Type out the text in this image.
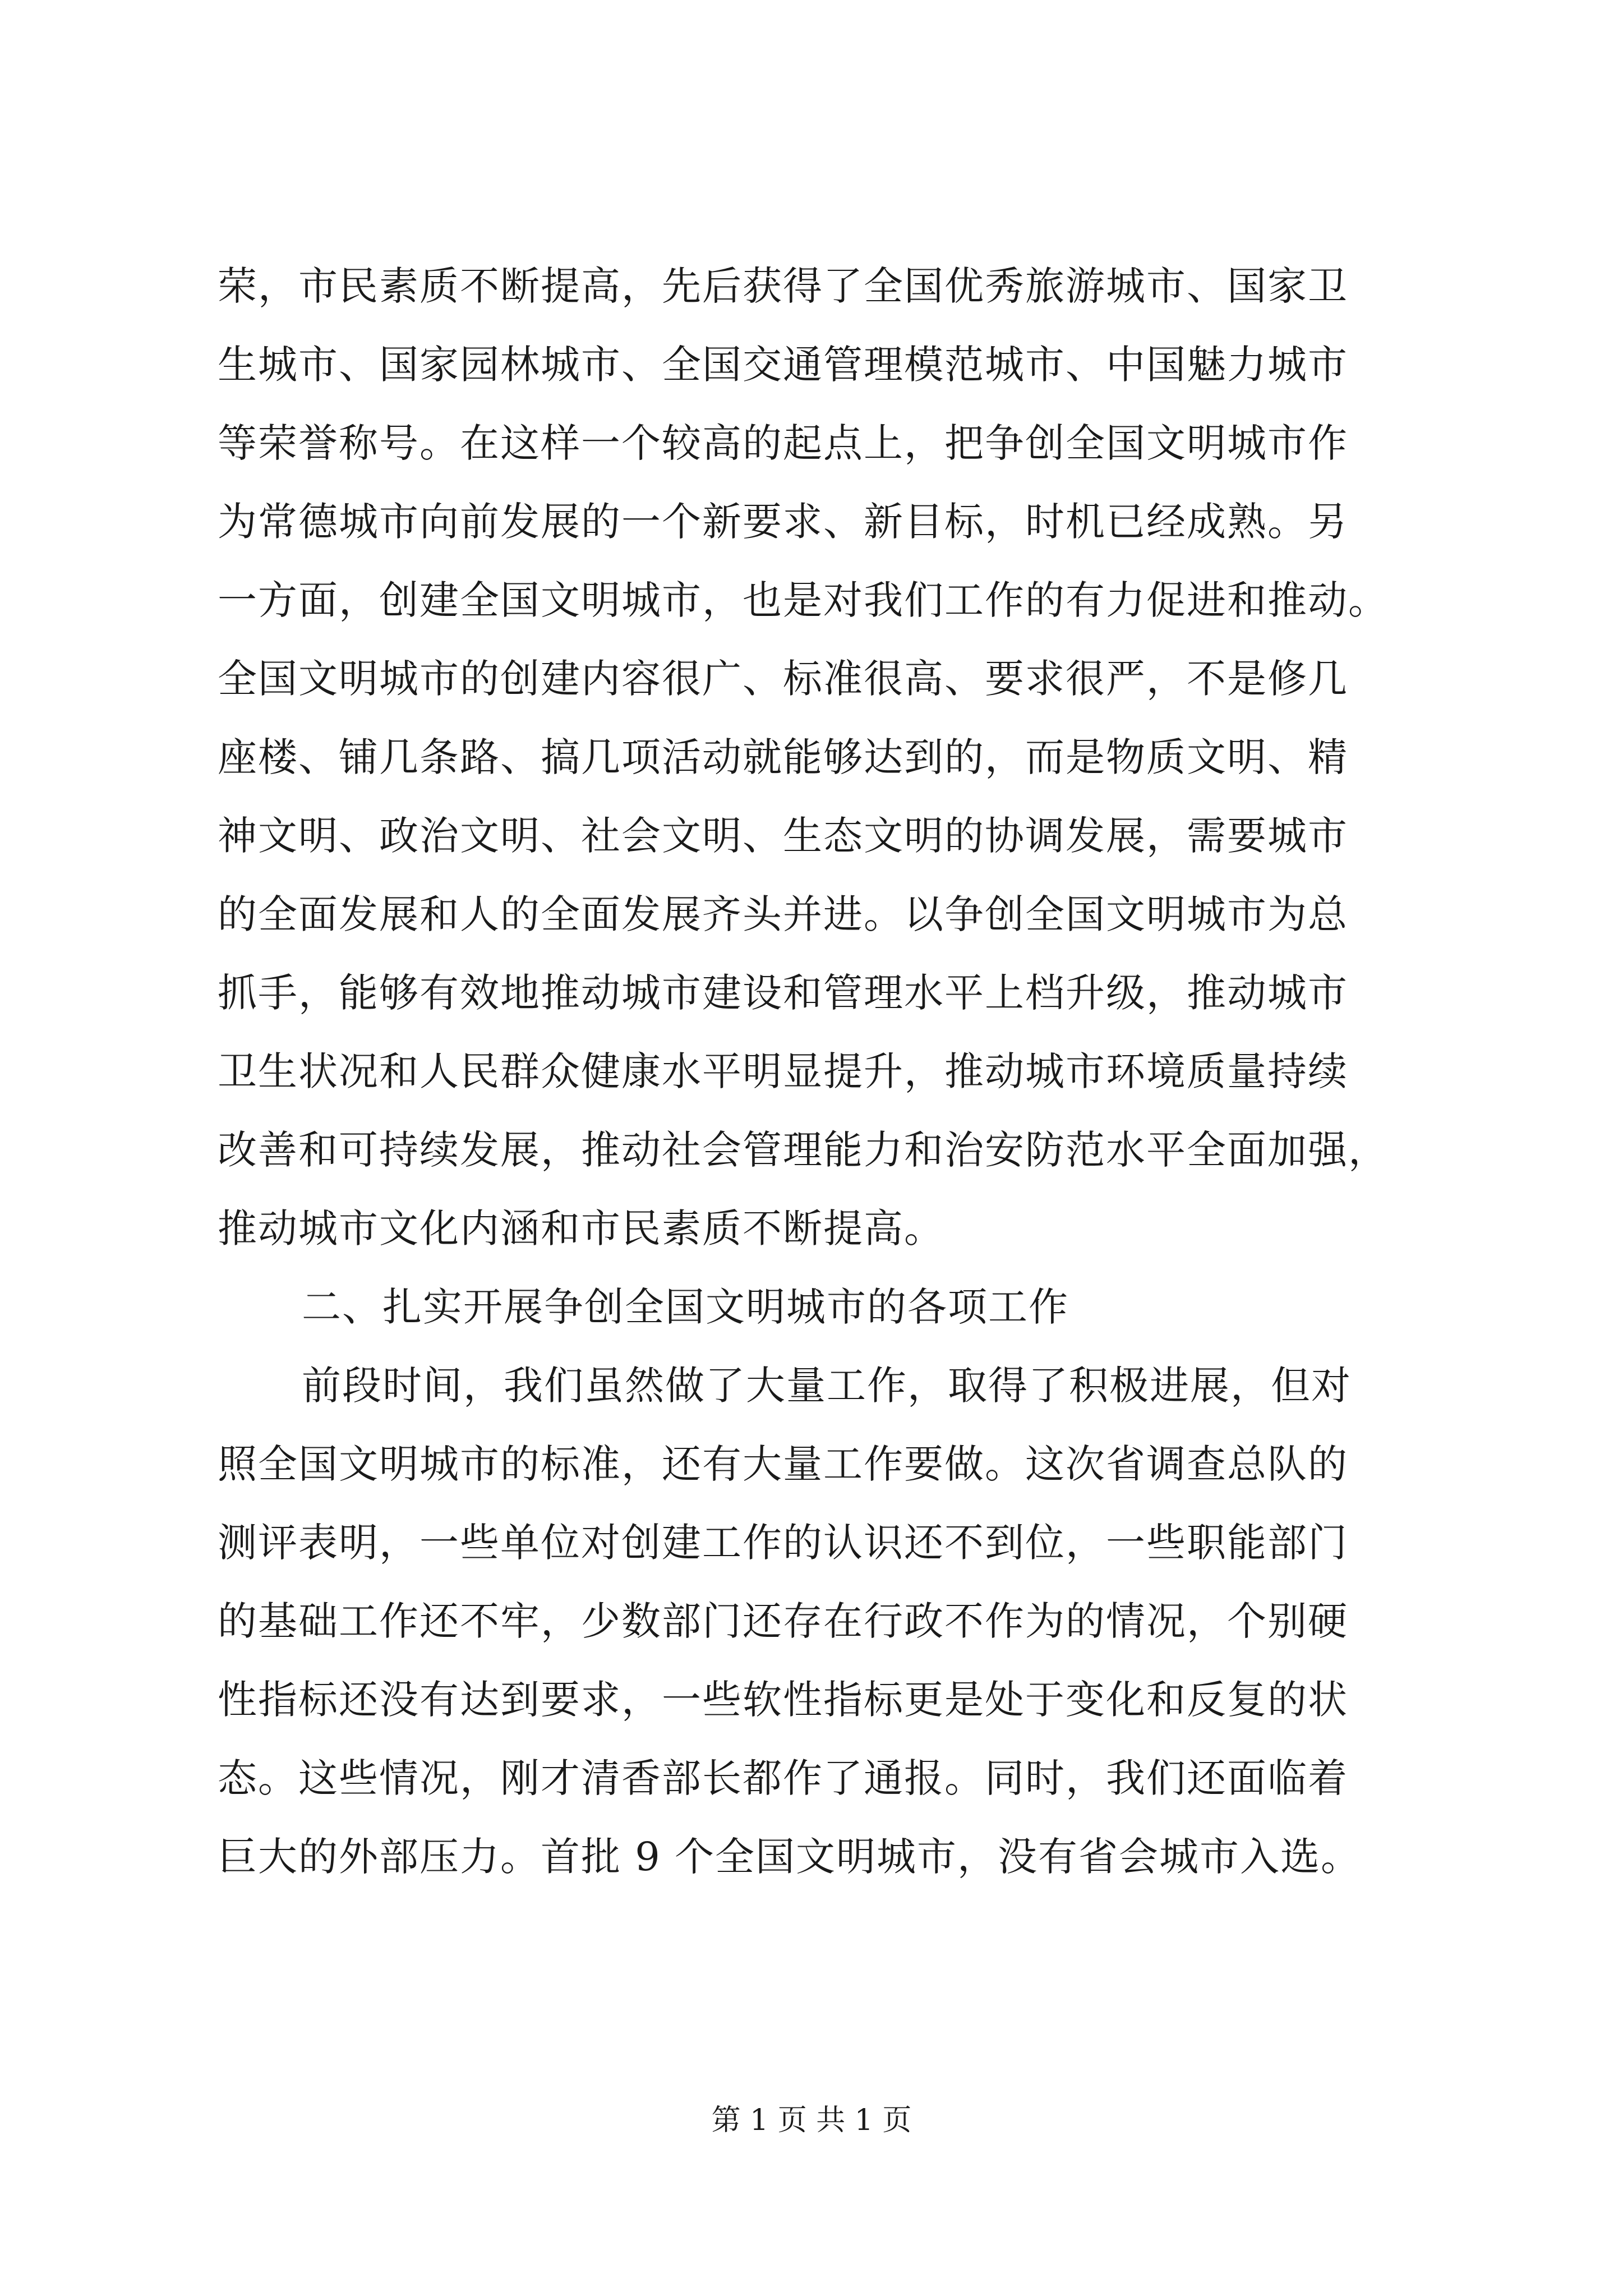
荣，市民素质不断提高，先后获得了全国优秀旅游城市、国家卫
生城市、国家园林城市、全国交通管理模范城市、中国魅力城市
等荣誉称号。在这样一个较高的起点上，把争创全国文明城市作
为常德城市向前发展的一个新要求、新目标，时机已经成熟。另
一方面，创建全国文明城市，也是对我们工作的有力促进和推动。
全国文明城市的创建内容很广、标准很高、要求很严，不是修几
座楼、铺几条路、搞几项活动就能够达到的，而是物质文明、精
神文明、政治文明、社会文明、生态文明的协调发展，需要城市
的全面发展和人的全面发展齐头并进。以争创全国文明城市为总
抓手，能够有效地推动城市建设和管理水平上档升级，推动城市
卫生状况和人民群众健康水平明显提升，推动城市环境质量持续
改善和可持续发展，推动社会管理能力和治安防范水平全面加强，
推动城市文化内涵和市民素质不断提高。
二、扎实开展争创全国文明城市的各项工作
前段时间，我们虽然做了大量工作，取得了积极进展，但对
照全国文明城市的标准，还有大量工作要做。这次省调查总队的
测评表明，一些单位对创建工作的认识还不到位，一些职能部门
的基础工作还不牢，少数部门还存在行政不作为的情况，个别硬
性指标还没有达到要求，一些软性指标更是处于变化和反复的状
态。这些情况，刚才清香部长都作了通报。同时，我们还面临着
巨大的外部压力。首批 9 个全国文明城市，没有省会城市入选。
第 1 页 共 1 页
